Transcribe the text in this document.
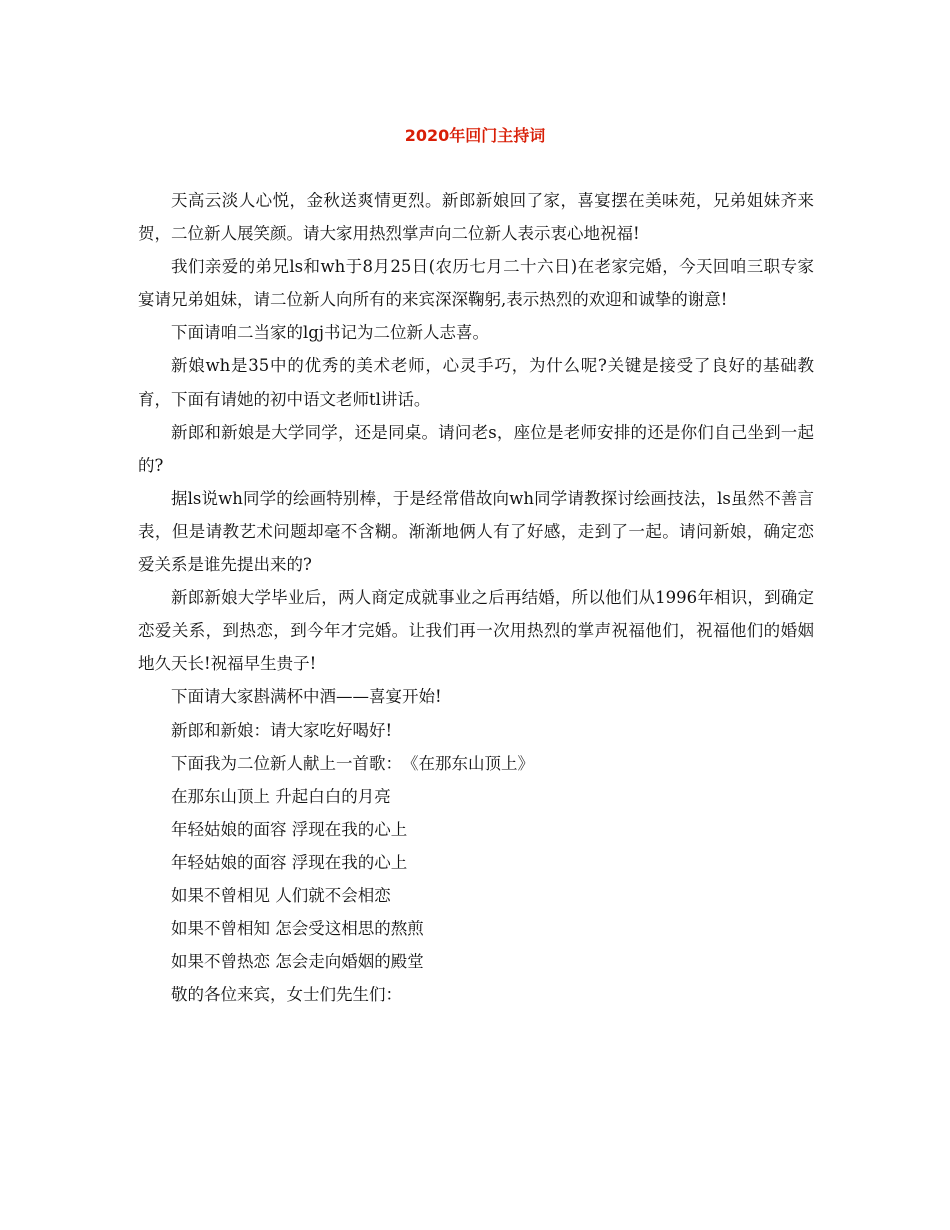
2020年回门主持词

天高云淡人心悦，金秋送爽情更烈。新郎新娘回了家，喜宴摆在美味苑，兄弟姐妹齐来贺，二位新人展笑颜。请大家用热烈掌声向二位新人表示衷心地祝福!

我们亲爱的弟兄ls和wh于8月25日(农历七月二十六日)在老家完婚，今天回咱三职专家宴请兄弟姐妹，请二位新人向所有的来宾深深鞠躬,表示热烈的欢迎和诚挚的谢意!

下面请咱二当家的lgj书记为二位新人志喜。

新娘wh是35中的优秀的美术老师，心灵手巧，为什么呢?关键是接受了良好的基础教育，下面有请她的初中语文老师tl讲话。

新郎和新娘是大学同学，还是同桌。请问老s，座位是老师安排的还是你们自己坐到一起的?

据ls说wh同学的绘画特别棒，于是经常借故向wh同学请教探讨绘画技法，ls虽然不善言表，但是请教艺术问题却毫不含糊。渐渐地俩人有了好感，走到了一起。请问新娘，确定恋爱关系是谁先提出来的?

新郎新娘大学毕业后，两人商定成就事业之后再结婚，所以他们从1996年相识，到确定恋爱关系，到热恋，到今年才完婚。让我们再一次用热烈的掌声祝福他们，祝福他们的婚姻地久天长!祝福早生贵子!

下面请大家斟满杯中酒——喜宴开始!

新郎和新娘：请大家吃好喝好!

下面我为二位新人献上一首歌：　《在那东山顶上》

在那东山顶上 升起白白的月亮

年轻姑娘的面容 浮现在我的心上

年轻姑娘的面容 浮现在我的心上

如果不曾相见 人们就不会相恋

如果不曾相知 怎会受这相思的熬煎

如果不曾热恋 怎会走向婚姻的殿堂

敬的各位来宾，女士们先生们：
